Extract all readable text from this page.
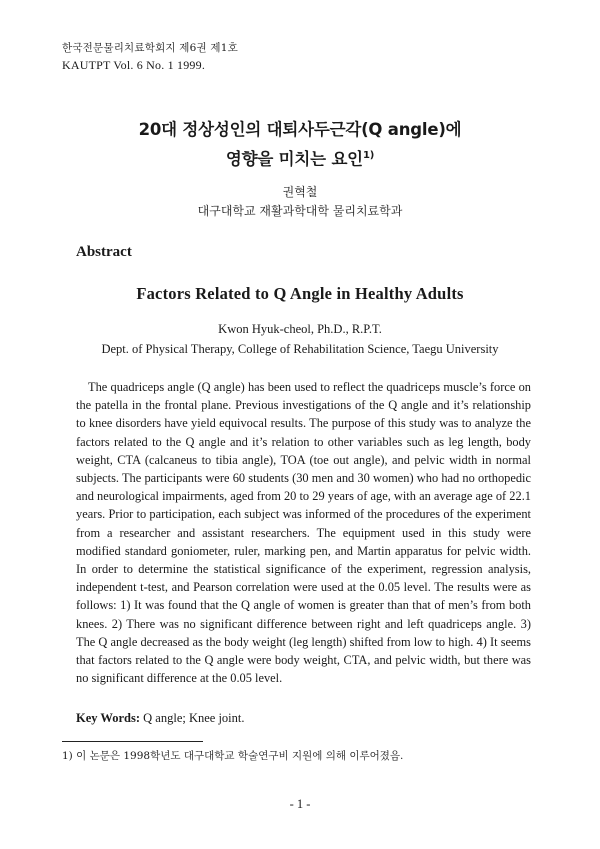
한국전문물리치료학회지 제6권 제1호
KAUTPT Vol. 6 No. 1 1999.
20대 정상성인의 대퇴사두근각(Q angle)에
영향을 미치는 요인$^{1)}$
권혁철
대구대학교 재활과학대학 물리치료학과
Abstract
Factors Related to Q Angle in Healthy Adults
Kwon Hyuk-cheol, Ph.D., R.P.T.
Dept. of Physical Therapy, College of Rehabilitation Science, Taegu University

The quadriceps angle (Q angle) has been used to reflect the quadriceps muscle’s force on the patella in the frontal plane. Previous investigations of the Q angle and it’s relationship to knee disorders have yield equivocal results. The purpose of this study was to analyze the factors related to the Q angle and it’s relation to other variables such as leg length, body weight, CTA (calcaneus to tibia angle), TOA (toe out angle), and pelvic width in normal subjects. The participants were 60 students (30 men and 30 women) who had no orthopedic and neurological impairments, aged from 20 to 29 years of age, with an average age of 22.1 years. Prior to participation, each subject was informed of the procedures of the experiment from a researcher and assistant researchers. The equipment used in this study were modified standard goniometer, ruler, marking pen, and Martin apparatus for pelvic width. In order to determine the statistical significance of the experiment, regression analysis, independent t-test, and Pearson correlation were used at the 0.05 level. The results were as follows: 1) It was found that the Q angle of women is greater than that of men’s from both knees. 2) There was no significant difference between right and left quadriceps angle. 3) The Q angle decreased as the body weight (leg length) shifted from low to high. 4) It seems that factors related to the Q angle were body weight, CTA, and pelvic width, but there was no significant difference at the 0.05 level.

Key Words: Q angle; Knee joint.
1) 이 논문은 1998학년도 대구대학교 학술연구비 지원에 의해 이루어졌음.
- 1 -
